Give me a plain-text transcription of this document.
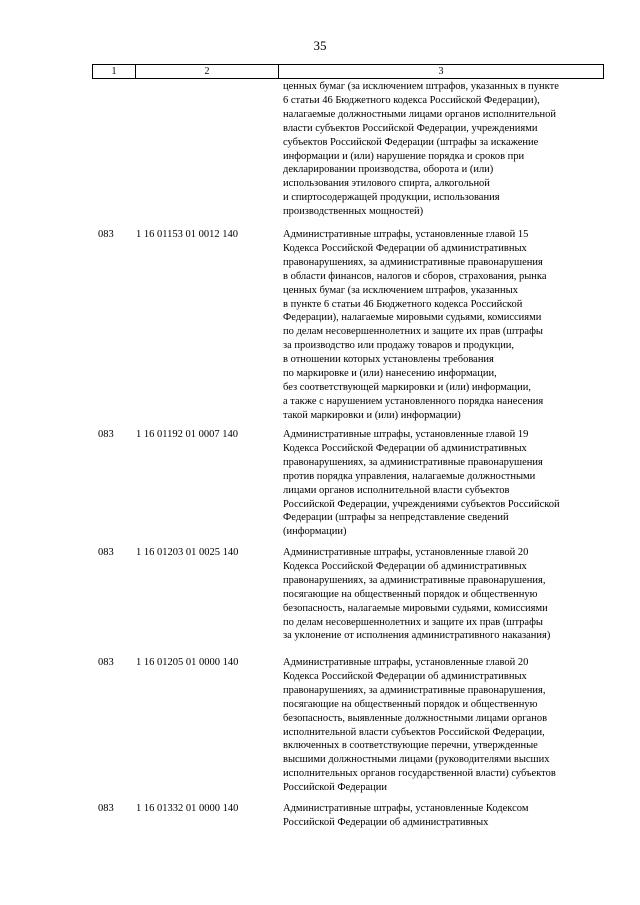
35
1	2	3
ценных бумаг (за исключением штрафов, указанных в пункте
6 статьи 46 Бюджетного кодекса Российской Федерации),
налагаемые должностными лицами органов исполнительной
власти субъектов Российской Федерации, учреждениями
субъектов Российской Федерации (штрафы за искажение
информации и (или) нарушение порядка и сроков при
декларировании производства, оборота и (или)
использования этилового спирта, алкогольной
и спиртосодержащей продукции, использования
производственных мощностей)
083	1 16 01153 01 0012 140	Административные штрафы, установленные главой 15
Кодекса Российской Федерации об административных
правонарушениях, за административные правонарушения
в области финансов, налогов и сборов, страхования, рынка
ценных бумаг (за исключением штрафов, указанных
в пункте 6 статьи 46 Бюджетного кодекса Российской
Федерации), налагаемые мировыми судьями, комиссиями
по делам несовершеннолетних и защите их прав (штрафы
за производство или продажу товаров и продукции,
в отношении которых установлены требования
по маркировке и (или) нанесению информации,
без соответствующей маркировки и (или) информации,
а также с нарушением установленного порядка нанесения
такой маркировки и (или) информации)
083	1 16 01192 01 0007 140	Административные штрафы, установленные главой 19
Кодекса Российской Федерации об административных
правонарушениях, за административные правонарушения
против порядка управления, налагаемые должностными
лицами органов исполнительной власти субъектов
Российской Федерации, учреждениями субъектов Российской
Федерации (штрафы за непредставление сведений
(информации)
083	1 16 01203 01 0025 140	Административные штрафы, установленные главой 20
Кодекса Российской Федерации об административных
правонарушениях, за административные правонарушения,
посягающие на общественный порядок и общественную
безопасность, налагаемые мировыми судьями, комиссиями
по делам несовершеннолетних и защите их прав (штрафы
за уклонение от исполнения административного наказания)
083	1 16 01205 01 0000 140	Административные штрафы, установленные главой 20
Кодекса Российской Федерации об административных
правонарушениях, за административные правонарушения,
посягающие на общественный порядок и общественную
безопасность, выявленные должностными лицами органов
исполнительной власти субъектов Российской Федерации,
включенных в соответствующие перечни, утвержденные
высшими должностными лицами (руководителями высших
исполнительных органов государственной власти) субъектов
Российской Федерации
083	1 16 01332 01 0000 140	Административные штрафы, установленные Кодексом
Российской Федерации об административных
